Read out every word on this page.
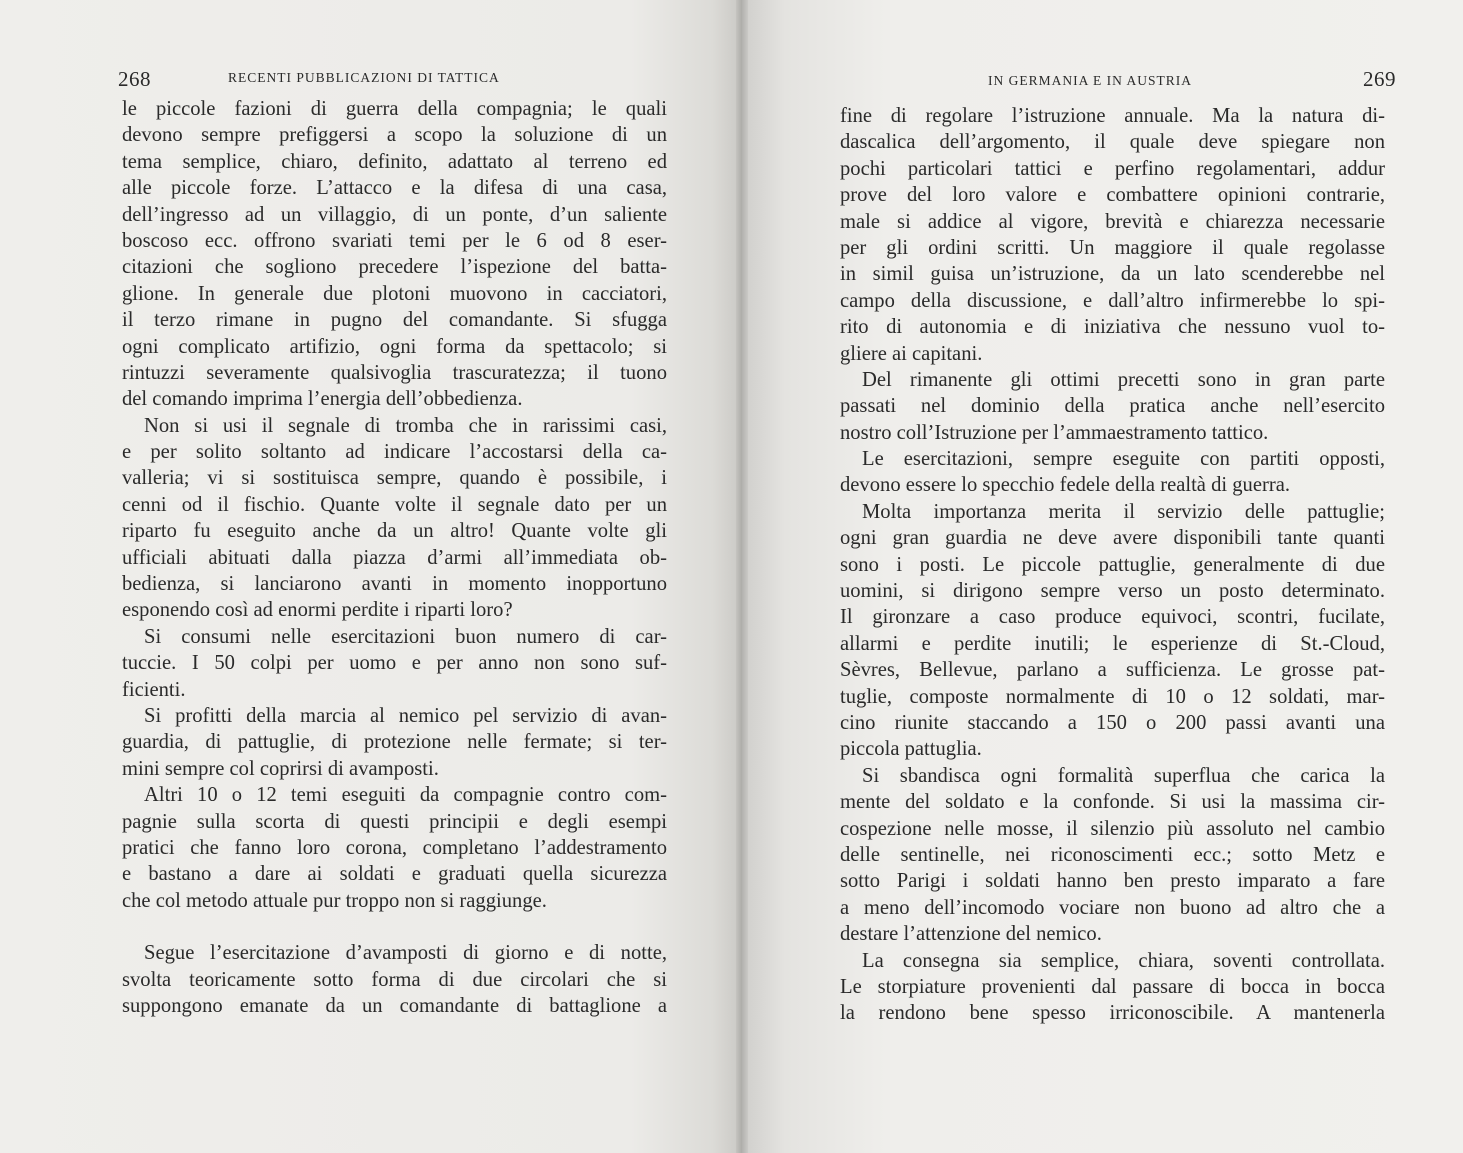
268	RECENTI PUBBLICAZIONI DI TATTICA	IN GERMANIA E IN AUSTRIA	269
le piccole fazioni di guerra della compagnia; le quali
devono sempre prefiggersi a scopo la soluzione di un
tema semplice, chiaro, definito, adattato al terreno ed
alle piccole forze. L’attacco e la difesa di una casa,
dell’ingresso ad un villaggio, di un ponte, d’un saliente
boscoso ecc. offrono svariati temi per le 6 od 8 eser-
citazioni che sogliono precedere l’ispezione del batta-
glione. In generale due plotoni muovono in cacciatori,
il terzo rimane in pugno del comandante. Si sfugga
ogni complicato artifizio, ogni forma da spettacolo; si
rintuzzi severamente qualsivoglia trascuratezza; il tuono
del comando imprima l’energia dell’obbedienza.
Non si usi il segnale di tromba che in rarissimi casi,
e per solito soltanto ad indicare l’accostarsi della ca-
valleria; vi si sostituisca sempre, quando è possibile, i
cenni od il fischio. Quante volte il segnale dato per un
riparto fu eseguito anche da un altro! Quante volte gli
ufficiali abituati dalla piazza d’armi all’immediata ob-
bedienza, si lanciarono avanti in momento inopportuno
esponendo così ad enormi perdite i riparti loro?
Si consumi nelle esercitazioni buon numero di car-
tuccie. I 50 colpi per uomo e per anno non sono suf-
ficienti.
Si profitti della marcia al nemico pel servizio di avan-
guardia, di pattuglie, di protezione nelle fermate; si ter-
mini sempre col coprirsi di avamposti.
Altri 10 o 12 temi eseguiti da compagnie contro com-
pagnie sulla scorta di questi principii e degli esempi
pratici che fanno loro corona, completano l’addestramento
e bastano a dare ai soldati e graduati quella sicurezza
che col metodo attuale pur troppo non si raggiunge.
Segue l’esercitazione d’avamposti di giorno e di notte,
svolta teoricamente sotto forma di due circolari che si
suppongono emanate da un comandante di battaglione a
fine di regolare l’istruzione annuale. Ma la natura di-
dascalica dell’argomento, il quale deve spiegare non
pochi particolari tattici e perfino regolamentari, addur
prove del loro valore e combattere opinioni contrarie,
male si addice al vigore, brevità e chiarezza necessarie
per gli ordini scritti. Un maggiore il quale regolasse
in simil guisa un’istruzione, da un lato scenderebbe nel
campo della discussione, e dall’altro infirmerebbe lo spi-
rito di autonomia e di iniziativa che nessuno vuol to-
gliere ai capitani.
Del rimanente gli ottimi precetti sono in gran parte
passati nel dominio della pratica anche nell’esercito
nostro coll’Istruzione per l’ammaestramento tattico.
Le esercitazioni, sempre eseguite con partiti opposti,
devono essere lo specchio fedele della realtà di guerra.
Molta importanza merita il servizio delle pattuglie;
ogni gran guardia ne deve avere disponibili tante quanti
sono i posti. Le piccole pattuglie, generalmente di due
uomini, si dirigono sempre verso un posto determinato.
Il gironzare a caso produce equivoci, scontri, fucilate,
allarmi e perdite inutili; le esperienze di St.-Cloud,
Sèvres, Bellevue, parlano a sufficienza. Le grosse pat-
tuglie, composte normalmente di 10 o 12 soldati, mar-
cino riunite staccando a 150 o 200 passi avanti una
piccola pattuglia.
Si sbandisca ogni formalità superflua che carica la
mente del soldato e la confonde. Si usi la massima cir-
cospezione nelle mosse, il silenzio più assoluto nel cambio
delle sentinelle, nei riconoscimenti ecc.; sotto Metz e
sotto Parigi i soldati hanno ben presto imparato a fare
a meno dell’incomodo vociare non buono ad altro che a
destare l’attenzione del nemico.
La consegna sia semplice, chiara, soventi controllata.
Le storpiature provenienti dal passare di bocca in bocca
la rendono bene spesso irriconoscibile. A mantenerla
